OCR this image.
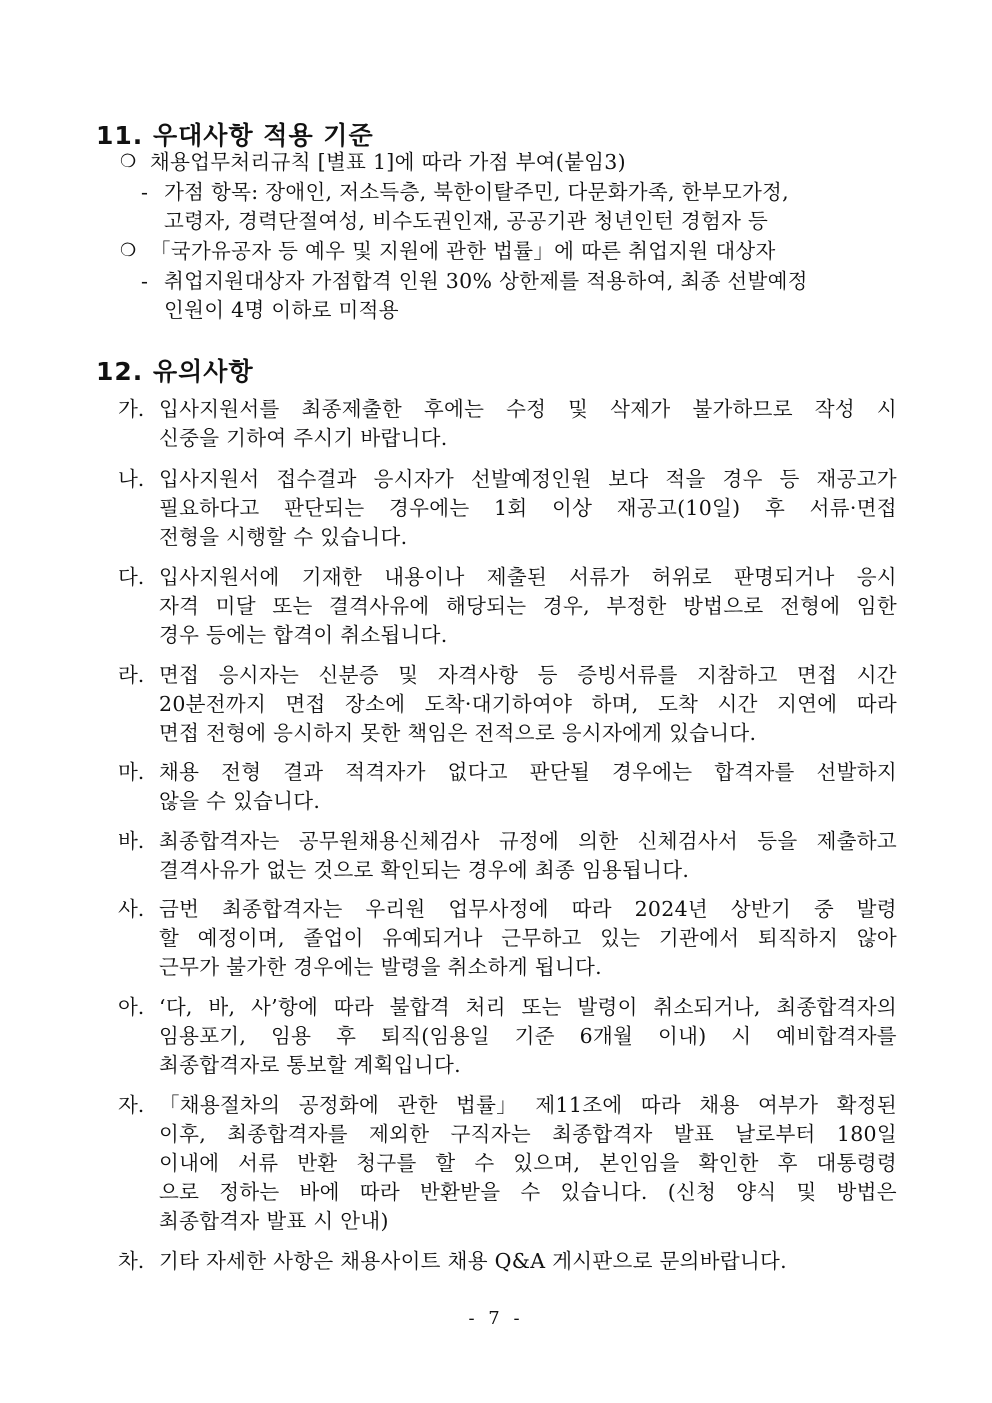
11. 우대사항 적용 기준
❍ 채용업무처리규칙 [별표 1]에 따라 가점 부여(붙임3)
- 가점 항목: 장애인, 저소득층, 북한이탈주민, 다문화가족, 한부모가정,
고령자, 경력단절여성, 비수도권인재, 공공기관 청년인턴 경험자 등
❍ 「국가유공자 등 예우 및 지원에 관한 법률」에 따른 취업지원 대상자
- 취업지원대상자 가점합격 인원 30% 상한제를 적용하여, 최종 선발예정
인원이 4명 이하로 미적용
12. 유의사항
가. 입사지원서를 최종제출한 후에는 수정 및 삭제가 불가하므로 작성 시
신중을 기하여 주시기 바랍니다.
나. 입사지원서 접수결과 응시자가 선발예정인원 보다 적을 경우 등 재공고가
필요하다고 판단되는 경우에는 1회 이상 재공고(10일) 후 서류·면접
전형을 시행할 수 있습니다.
다. 입사지원서에 기재한 내용이나 제출된 서류가 허위로 판명되거나 응시
자격 미달 또는 결격사유에 해당되는 경우, 부정한 방법으로 전형에 임한
경우 등에는 합격이 취소됩니다.
라. 면접 응시자는 신분증 및 자격사항 등 증빙서류를 지참하고 면접 시간
20분전까지 면접 장소에 도착·대기하여야 하며, 도착 시간 지연에 따라
면접 전형에 응시하지 못한 책임은 전적으로 응시자에게 있습니다.
마. 채용 전형 결과 적격자가 없다고 판단될 경우에는 합격자를 선발하지
않을 수 있습니다.
바. 최종합격자는 공무원채용신체검사 규정에 의한 신체검사서 등을 제출하고
결격사유가 없는 것으로 확인되는 경우에 최종 임용됩니다.
사. 금번 최종합격자는 우리원 업무사정에 따라 2024년 상반기 중 발령
할 예정이며, 졸업이 유예되거나 근무하고 있는 기관에서 퇴직하지 않아
근무가 불가한 경우에는 발령을 취소하게 됩니다.
아. ‘다, 바, 사’항에 따라 불합격 처리 또는 발령이 취소되거나, 최종합격자의
임용포기, 임용 후 퇴직(임용일 기준 6개월 이내) 시 예비합격자를
최종합격자로 통보할 계획입니다.
자. 「채용절차의 공정화에 관한 법률」 제11조에 따라 채용 여부가 확정된
이후, 최종합격자를 제외한 구직자는 최종합격자 발표 날로부터 180일
이내에 서류 반환 청구를 할 수 있으며, 본인임을 확인한 후 대통령령
으로 정하는 바에 따라 반환받을 수 있습니다. (신청 양식 및 방법은
최종합격자 발표 시 안내)
차. 기타 자세한 사항은 채용사이트 채용 Q&A 게시판으로 문의바랍니다.
- 7 -
